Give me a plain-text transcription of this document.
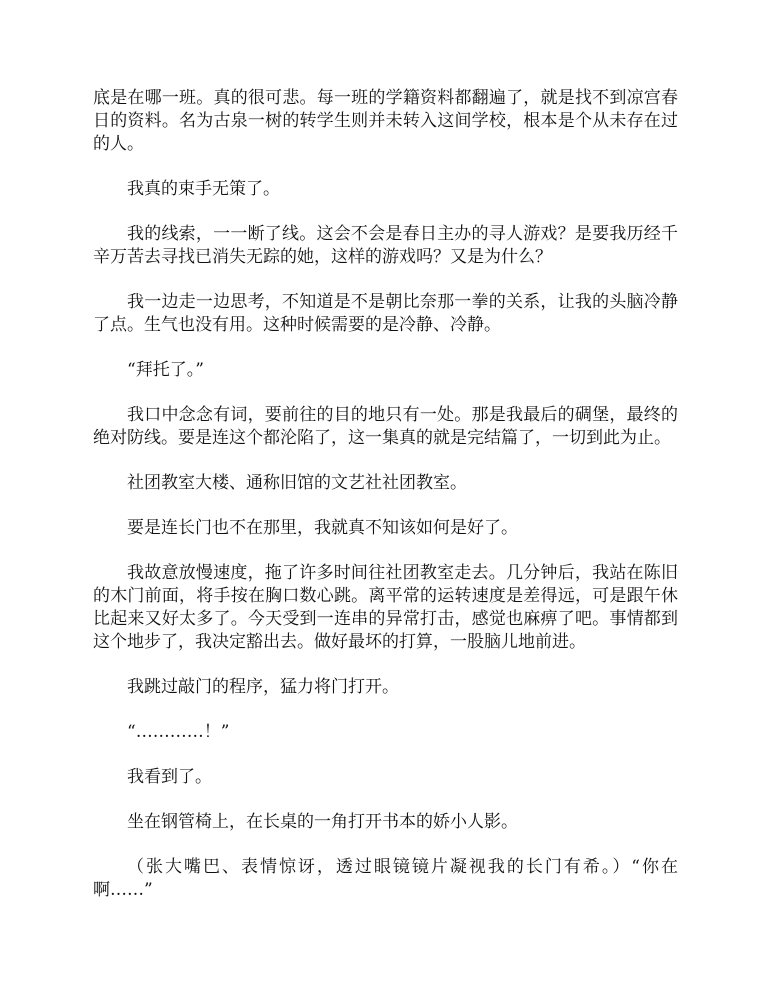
底是在哪一班。真的很可悲。每一班的学籍资料都翻遍了，就是找不到凉宫春日的资料。名为古泉一树的转学生则并未转入这间学校，根本是个从未存在过的人。

我真的束手无策了。

我的线索，一一断了线。这会不会是春日主办的寻人游戏？是要我历经千辛万苦去寻找已消失无踪的她，这样的游戏吗？又是为什么？

我一边走一边思考，不知道是不是朝比奈那一拳的关系，让我的头脑冷静了点。生气也没有用。这种时候需要的是冷静、冷静。

“拜托了。”

我口中念念有词，要前往的目的地只有一处。那是我最后的碉堡，最终的绝对防线。要是连这个都沦陷了，这一集真的就是完结篇了，一切到此为止。

社团教室大楼、通称旧馆的文艺社社团教室。

要是连长门也不在那里，我就真不知该如何是好了。

我故意放慢速度，拖了许多时间往社团教室走去。几分钟后，我站在陈旧的木门前面，将手按在胸口数心跳。离平常的运转速度是差得远，可是跟午休比起来又好太多了。今天受到一连串的异常打击，感觉也麻痹了吧。事情都到这个地步了，我决定豁出去。做好最坏的打算，一股脑儿地前进。

我跳过敲门的程序，猛力将门打开。

“…………！”

我看到了。

坐在钢管椅上，在长桌的一角打开书本的娇小人影。

（张大嘴巴、表情惊讶，透过眼镜镜片凝视我的长门有希。）“你在啊……”
